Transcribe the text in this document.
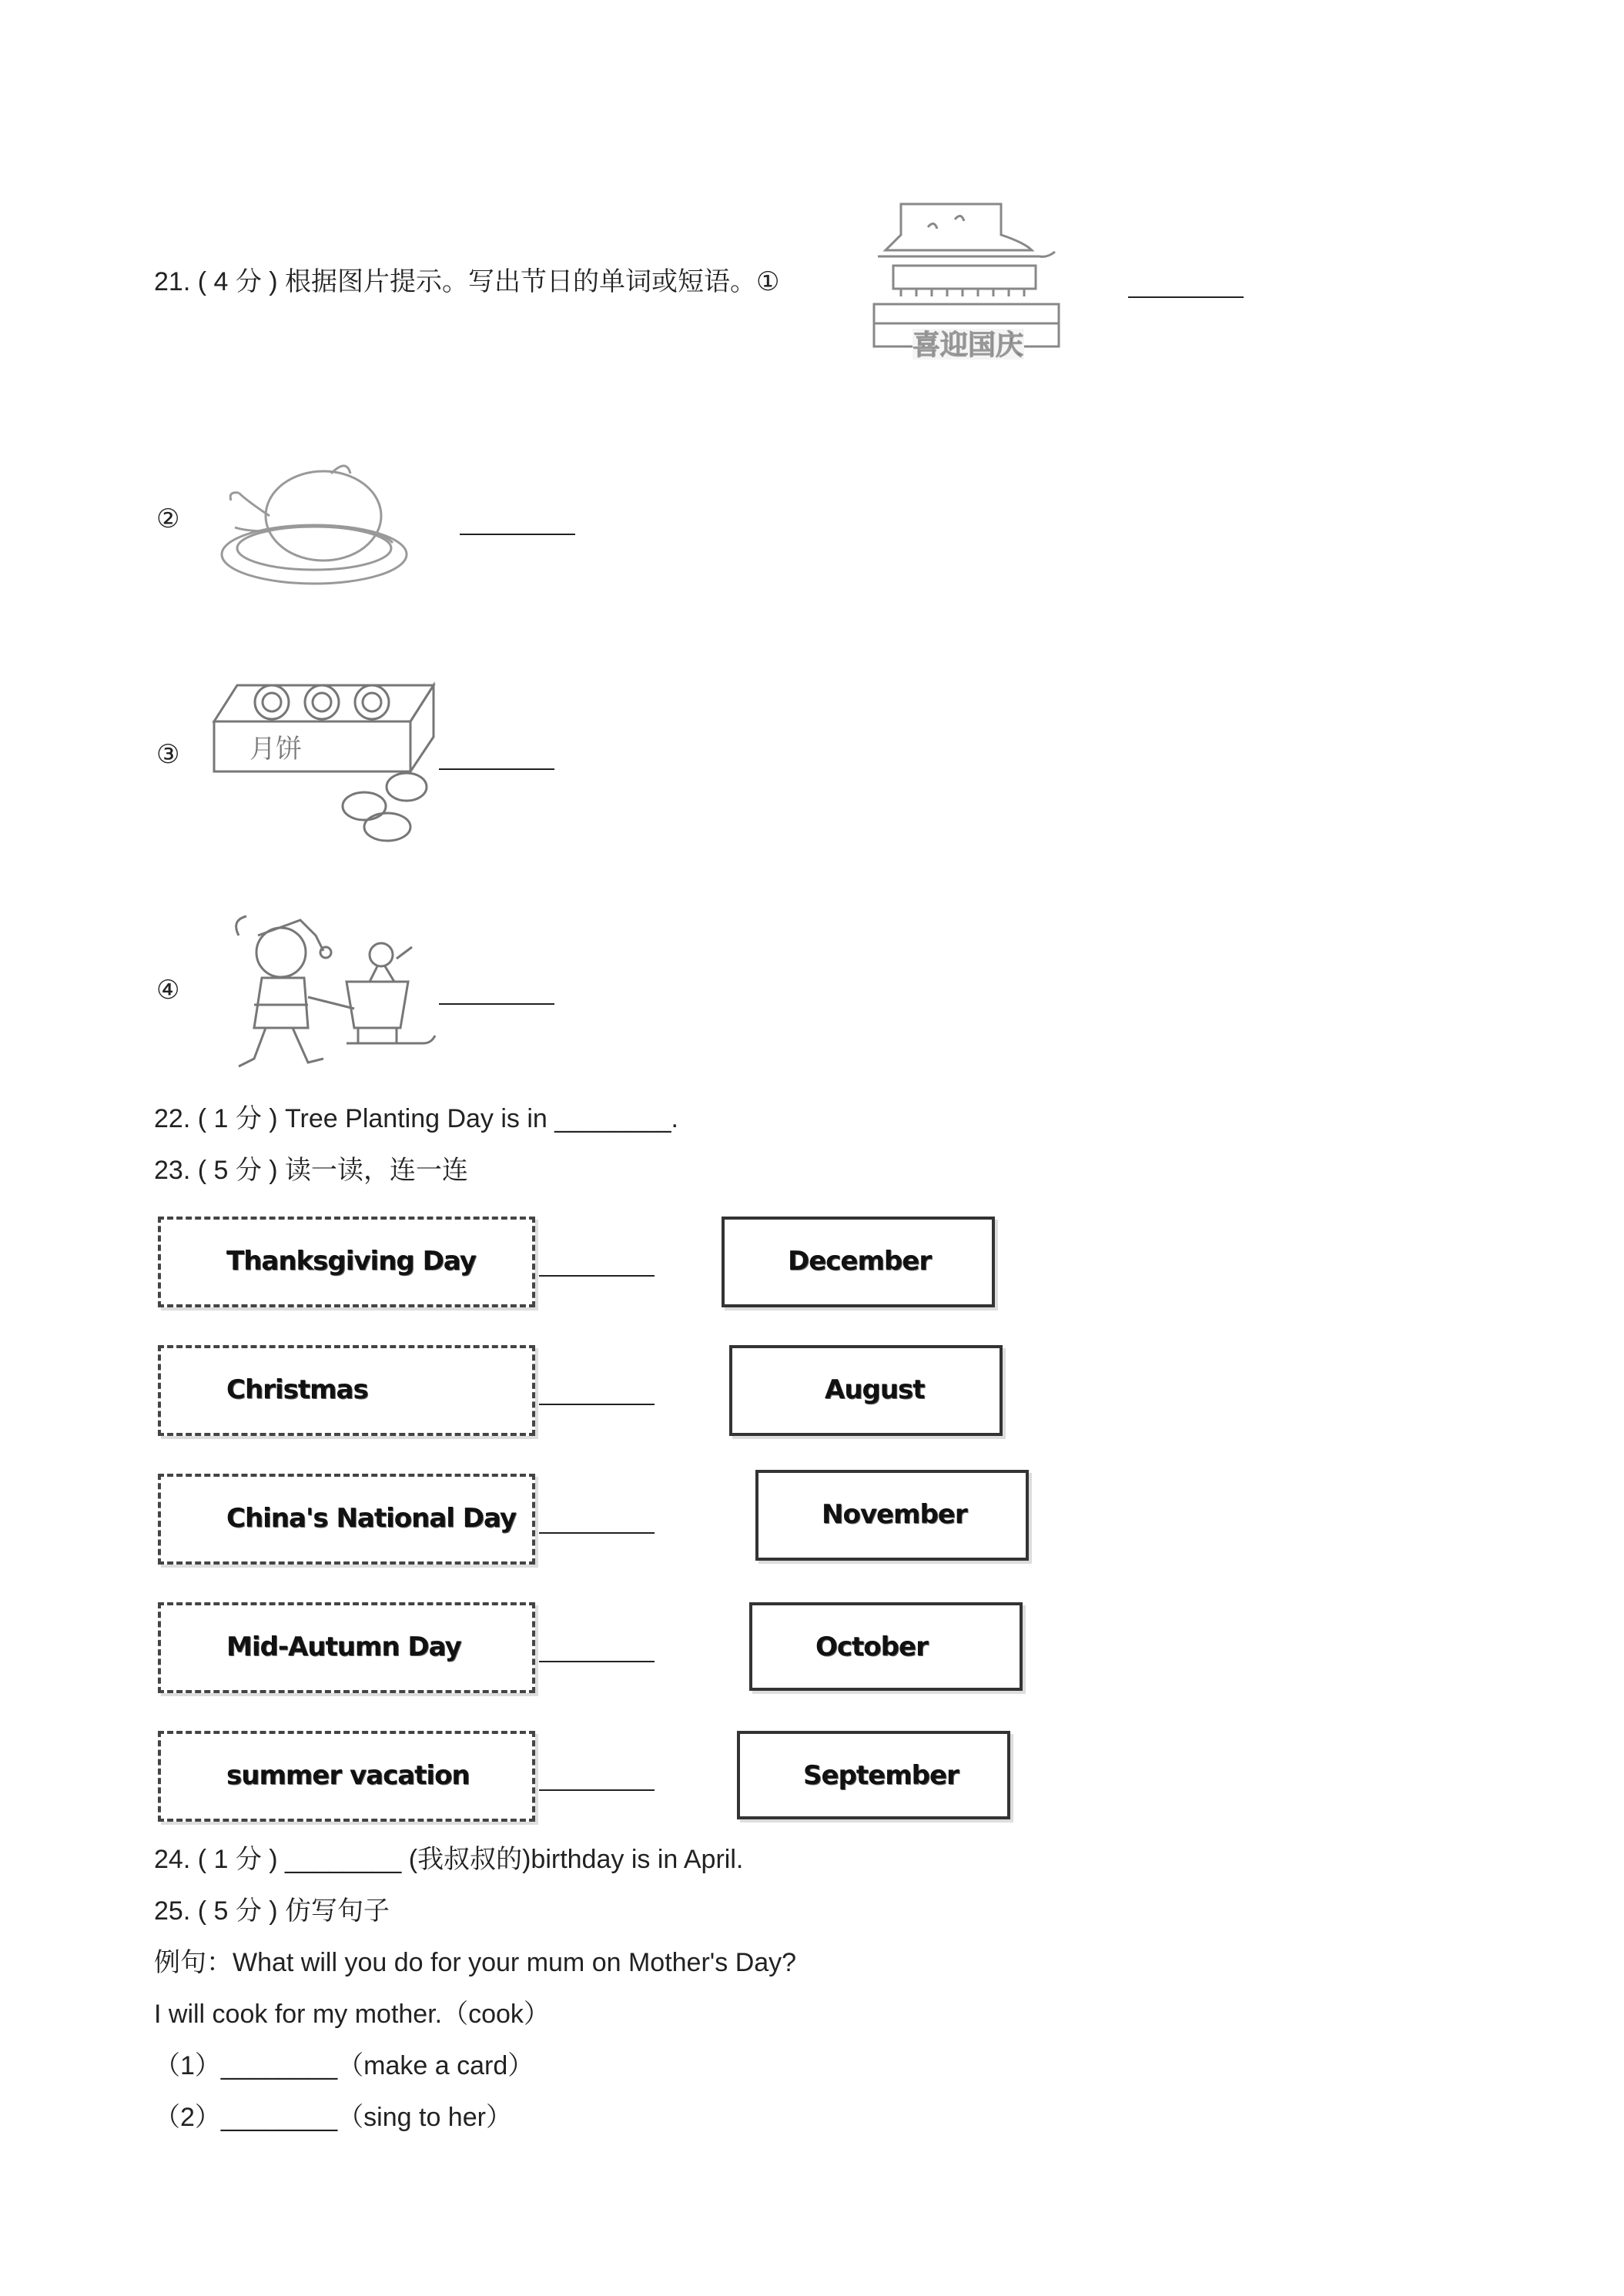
21. ( 4 分 ) 根据图片提示。写出节日的单词或短语。①
喜迎国庆
②
③	月饼
④
22. ( 1 分 ) Tree Planting Day is in ________.
23. ( 5 分 ) 读一读，连一连
Thanksgiving Day	December
Christmas	August
China's National Day	November
Mid-Autumn Day	October
summer vacation	September
24. ( 1 分 ) ________ (我叔叔的)birthday is in April.
25. ( 5 分 ) 仿写句子
例句：What will you do for your mum on Mother's Day?
I will cook for my mother.（cook）
（1）________（make a card）
（2）________（sing to her）
